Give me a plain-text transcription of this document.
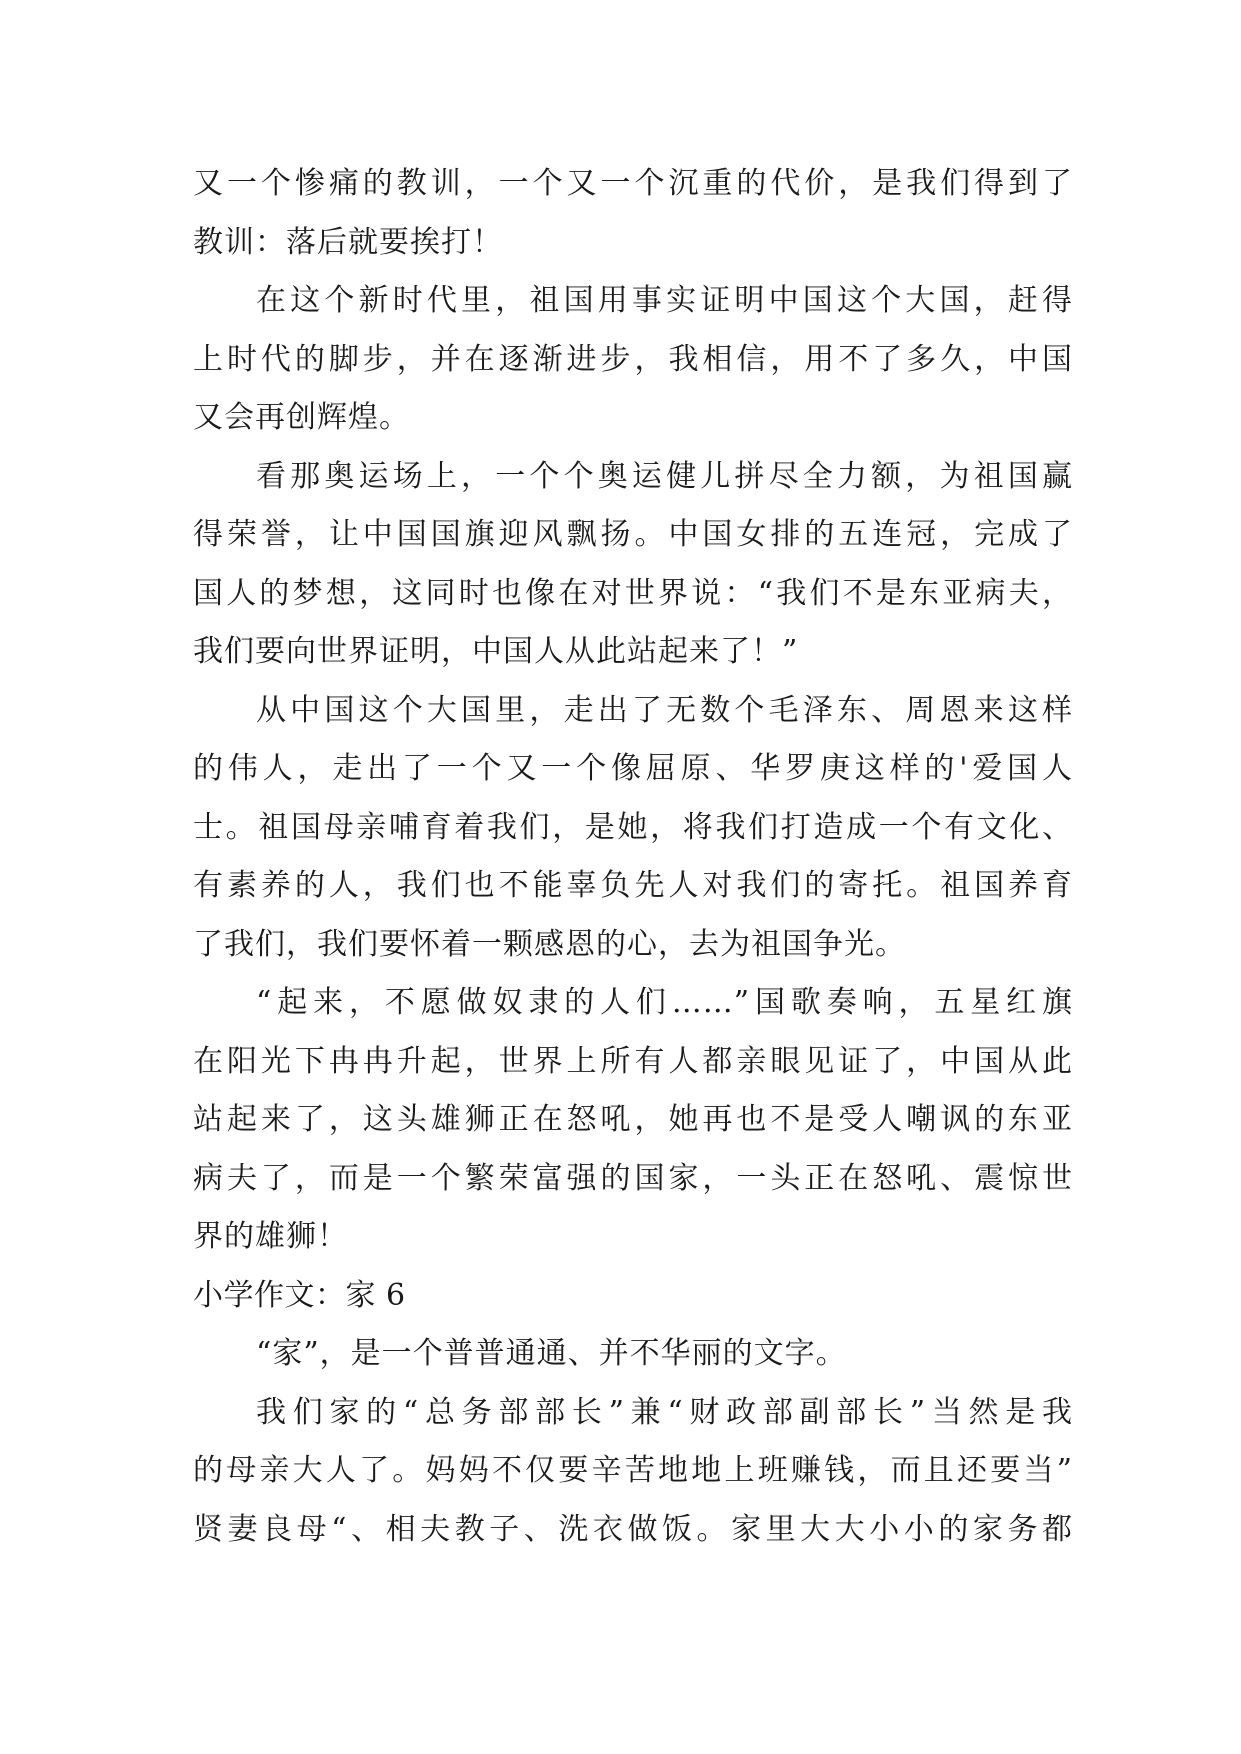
又一个惨痛的教训，一个又一个沉重的代价，是我们得到了
教训：落后就要挨打！
在这个新时代里，祖国用事实证明中国这个大国，赶得
上时代的脚步，并在逐渐进步，我相信，用不了多久，中国
又会再创辉煌。
看那奥运场上，一个个奥运健儿拼尽全力额，为祖国赢
得荣誉，让中国国旗迎风飘扬。中国女排的五连冠，完成了
国人的梦想，这同时也像在对世界说：“我们不是东亚病夫，
我们要向世界证明，中国人从此站起来了！”
从中国这个大国里，走出了无数个毛泽东、周恩来这样
的伟人，走出了一个又一个像屈原、华罗庚这样的'爱国人
士。祖国母亲哺育着我们，是她，将我们打造成一个有文化、
有素养的人，我们也不能辜负先人对我们的寄托。祖国养育
了我们，我们要怀着一颗感恩的心，去为祖国争光。
“起来，不愿做奴隶的人们……”国歌奏响，五星红旗
在阳光下冉冉升起，世界上所有人都亲眼见证了，中国从此
站起来了，这头雄狮正在怒吼，她再也不是受人嘲讽的东亚
病夫了，而是一个繁荣富强的国家，一头正在怒吼、震惊世
界的雄狮！
小学作文：家 6
“家”，是一个普普通通、并不华丽的文字。
我们家的“总务部部长”兼“财政部副部长”当然是我
的母亲大人了。妈妈不仅要辛苦地地上班赚钱，而且还要当”
贤妻良母“、相夫教子、洗衣做饭。家里大大小小的家务都
